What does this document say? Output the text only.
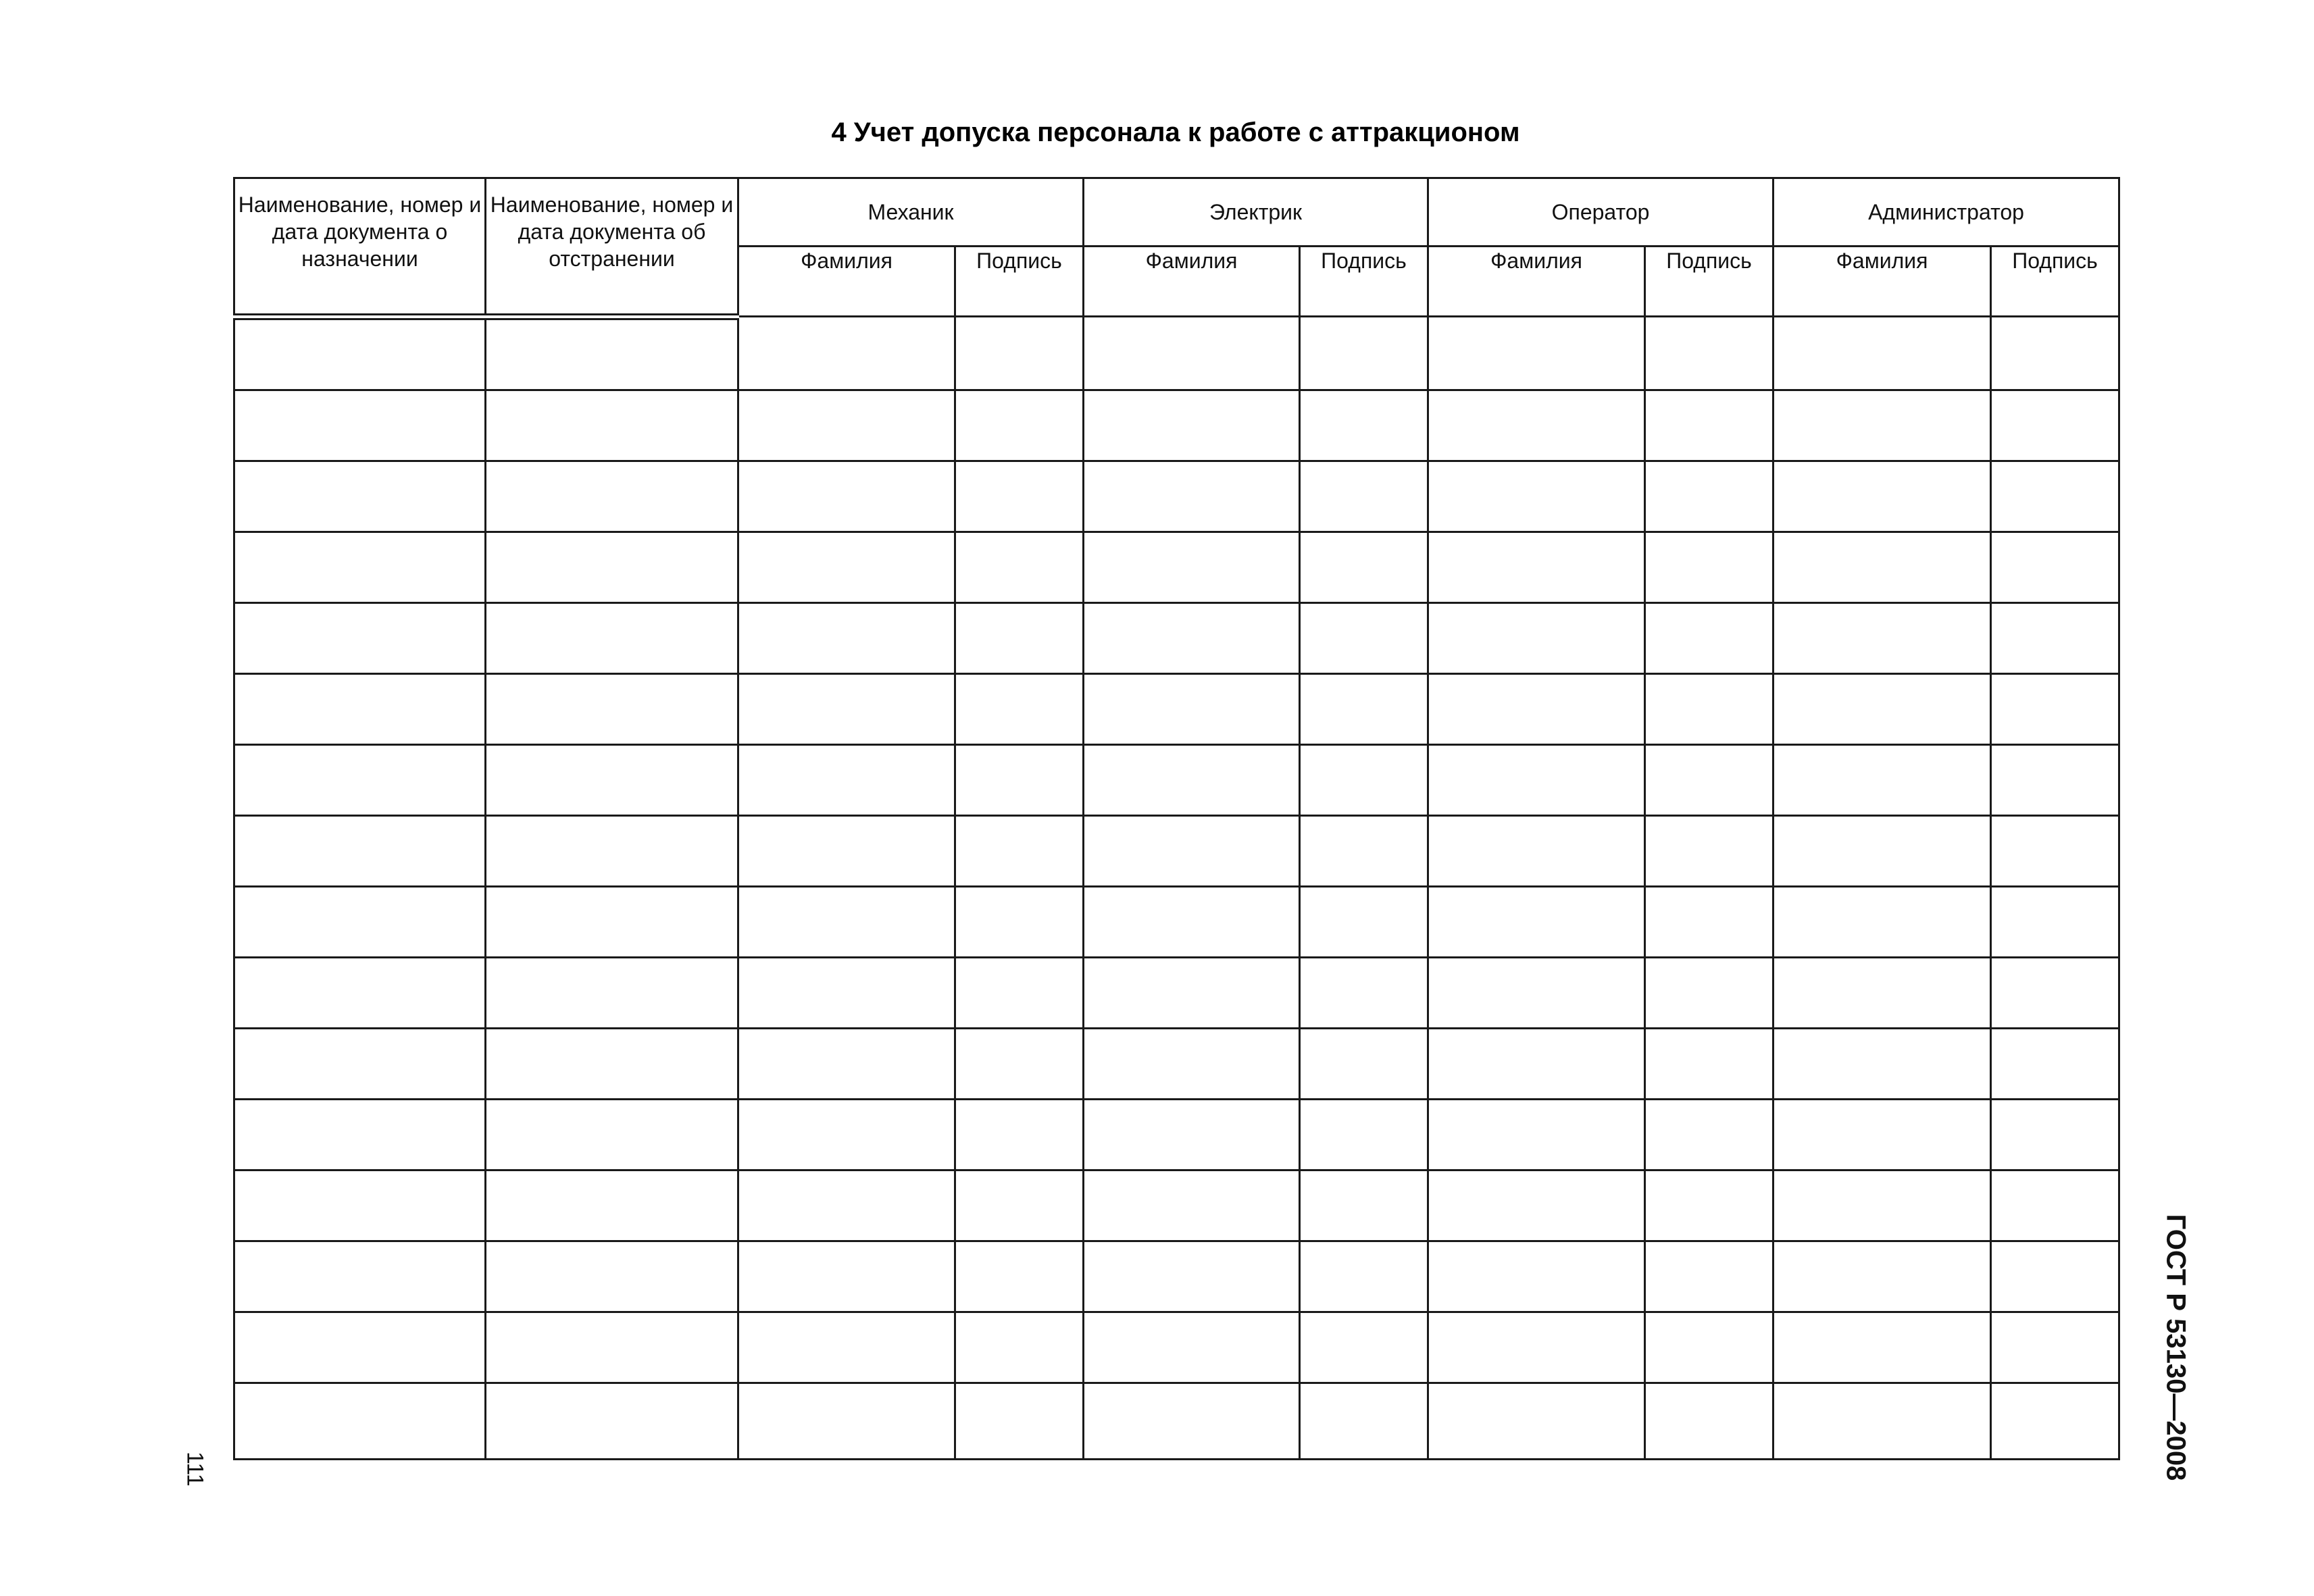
4 Учет допуска персонала к работе с аттракционом
Наименование, номер и дата документа о назначении	Наименование, номер и дата документа об отстранении	Механик		Электрик		Оператор		Администратор	
		Фамилия	Подпись	Фамилия	Подпись	Фамилия	Подпись	Фамилия	Подпись

111	ГОСТ Р 53130—2008
